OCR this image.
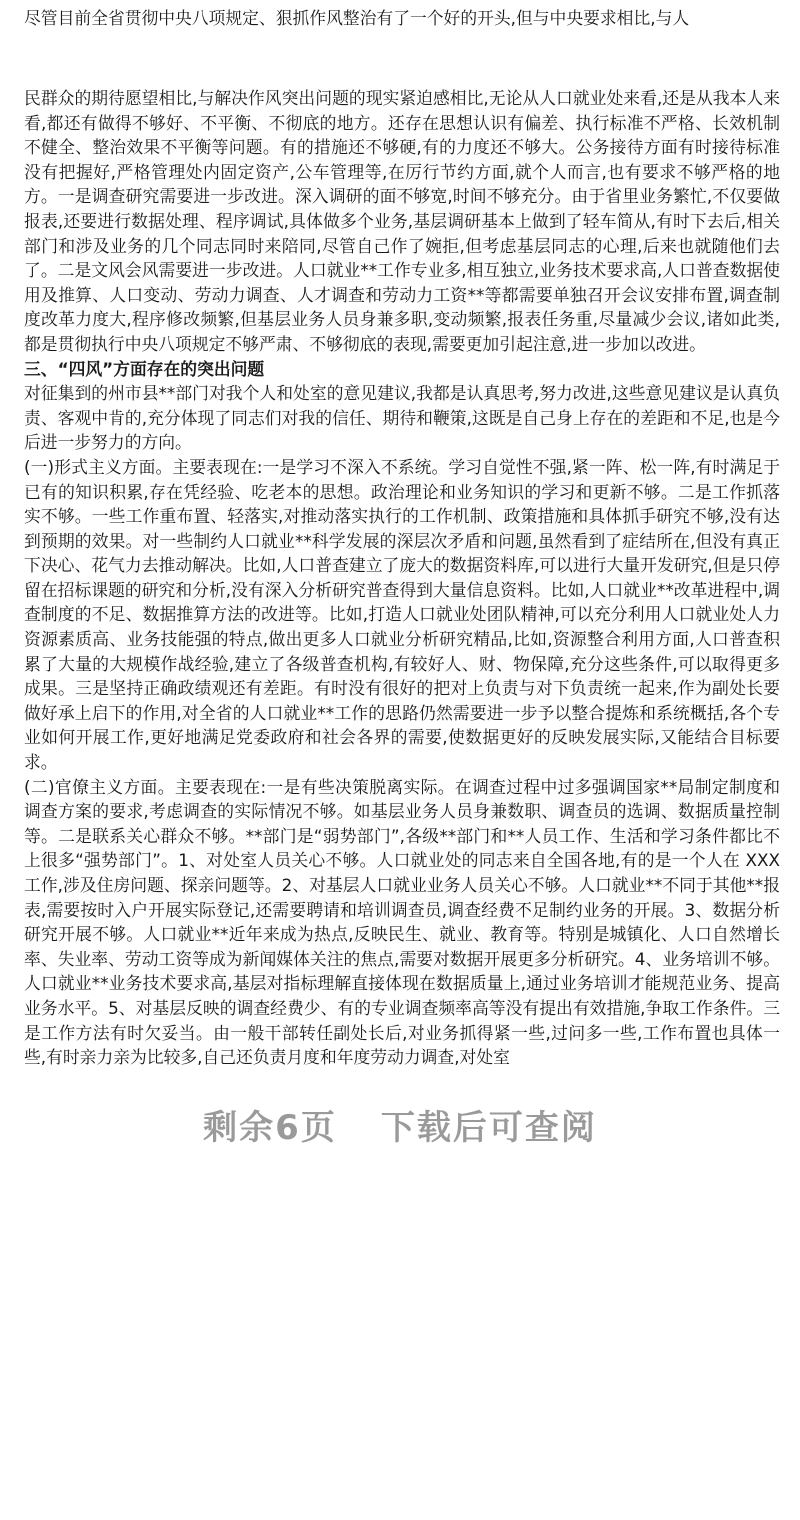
尽管目前全省贯彻中央八项规定、狠抓作风整治有了一个好的开头,但与中央要求相比,与人

民群众的期待愿望相比,与解决作风突出问题的现实紧迫感相比,无论从人口就业处来看,还是从我本人来看,都还有做得不够好、不平衡、不彻底的地方。还存在思想认识有偏差、执行标准不严格、长效机制不健全、整治效果不平衡等问题。有的措施还不够硬,有的力度还不够大。公务接待方面有时接待标准没有把握好,严格管理处内固定资产,公车管理等,在厉行节约方面,就个人而言,也有要求不够严格的地方。一是调查研究需要进一步改进。深入调研的面不够宽,时间不够充分。由于省里业务繁忙,不仅要做报表,还要进行数据处理、程序调试,具体做多个业务,基层调研基本上做到了轻车简从,有时下去后,相关部门和涉及业务的几个同志同时来陪同,尽管自己作了婉拒,但考虑基层同志的心理,后来也就随他们去了。二是文风会风需要进一步改进。人口就业**工作专业多,相互独立,业务技术要求高,人口普查数据使用及推算、人口变动、劳动力调查、人才调查和劳动力工资**等都需要单独召开会议安排布置,调查制度改革力度大,程序修改频繁,但基层业务人员身兼多职,变动频繁,报表任务重,尽量减少会议,诸如此类,都是贯彻执行中央八项规定不够严肃、不够彻底的表现,需要更加引起注意,进一步加以改进。

三、“四风”方面存在的突出问题

对征集到的州市县**部门对我个人和处室的意见建议,我都是认真思考,努力改进,这些意见建议是认真负责、客观中肯的,充分体现了同志们对我的信任、期待和鞭策,这既是自己身上存在的差距和不足,也是今后进一步努力的方向。

(一)形式主义方面。主要表现在:一是学习不深入不系统。学习自觉性不强,紧一阵、松一阵,有时满足于已有的知识积累,存在凭经验、吃老本的思想。政治理论和业务知识的学习和更新不够。二是工作抓落实不够。一些工作重布置、轻落实,对推动落实执行的工作机制、政策措施和具体抓手研究不够,没有达到预期的效果。对一些制约人口就业**科学发展的深层次矛盾和问题,虽然看到了症结所在,但没有真正下决心、花气力去推动解决。比如,人口普查建立了庞大的数据资料库,可以进行大量开发研究,但是只停留在招标课题的研究和分析,没有深入分析研究普查得到大量信息资料。比如,人口就业**改革进程中,调查制度的不足、数据推算方法的改进等。比如,打造人口就业处团队精神,可以充分利用人口就业处人力资源素质高、业务技能强的特点,做出更多人口就业分析研究精品,比如,资源整合利用方面,人口普查积累了大量的大规模作战经验,建立了各级普查机构,有较好人、财、物保障,充分这些条件,可以取得更多成果。三是坚持正确政绩观还有差距。有时没有很好的把对上负责与对下负责统一起来,作为副处长要做好承上启下的作用,对全省的人口就业**工作的思路仍然需要进一步予以整合提炼和系统概括,各个专业如何开展工作,更好地满足党委政府和社会各界的需要,使数据更好的反映发展实际,又能结合目标要求。

(二)官僚主义方面。主要表现在:一是有些决策脱离实际。在调查过程中过多强调国家**局制定制度和调查方案的要求,考虑调查的实际情况不够。如基层业务人员身兼数职、调查员的选调、数据质量控制等。二是联系关心群众不够。**部门是“弱势部门”,各级**部门和**人员工作、生活和学习条件都比不上很多“强势部门”。1、对处室人员关心不够。人口就业处的同志来自全国各地,有的是一个人在 XXX 工作,涉及住房问题、探亲问题等。2、对基层人口就业业务人员关心不够。人口就业**不同于其他**报表,需要按时入户开展实际登记,还需要聘请和培训调查员,调查经费不足制约业务的开展。3、数据分析研究开展不够。人口就业**近年来成为热点,反映民生、就业、教育等。特别是城镇化、人口自然增长率、失业率、劳动工资等成为新闻媒体关注的焦点,需要对数据开展更多分析研究。4、业务培训不够。人口就业**业务技术要求高,基层对指标理解直接体现在数据质量上,通过业务培训才能规范业务、提高业务水平。5、对基层反映的调查经费少、有的专业调查频率高等没有提出有效措施,争取工作条件。三是工作方法有时欠妥当。由一般干部转任副处长后,对业务抓得紧一些,过问多一些,工作布置也具体一些,有时亲力亲为比较多,自己还负责月度和年度劳动力调查,对处室

剩余6页 下载后可查阅
